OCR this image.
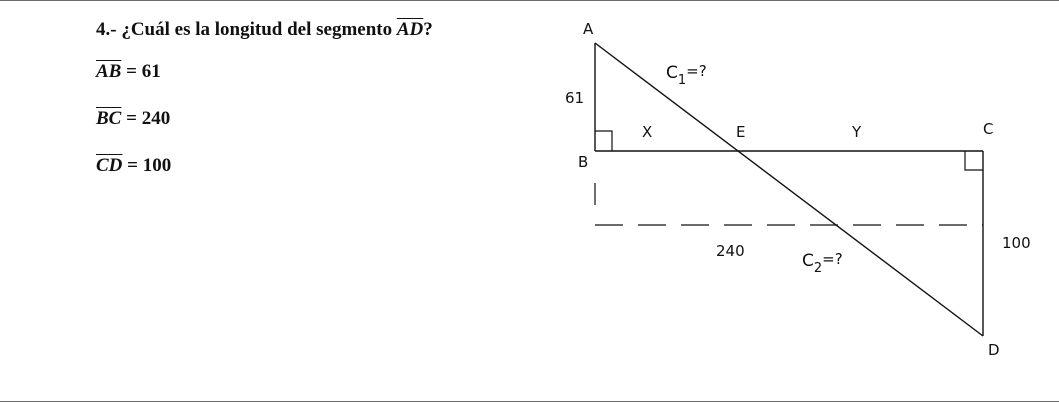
4.- ¿Cuál es la longitud del segmento $\overline{AD}$?

$\overline{AB} = 61$

$\overline{BC} = 240$

$\overline{CD} = 100$

A
B
C
D
E
61
X	Y
240	100
$C_1=$?
$C_2=$?
